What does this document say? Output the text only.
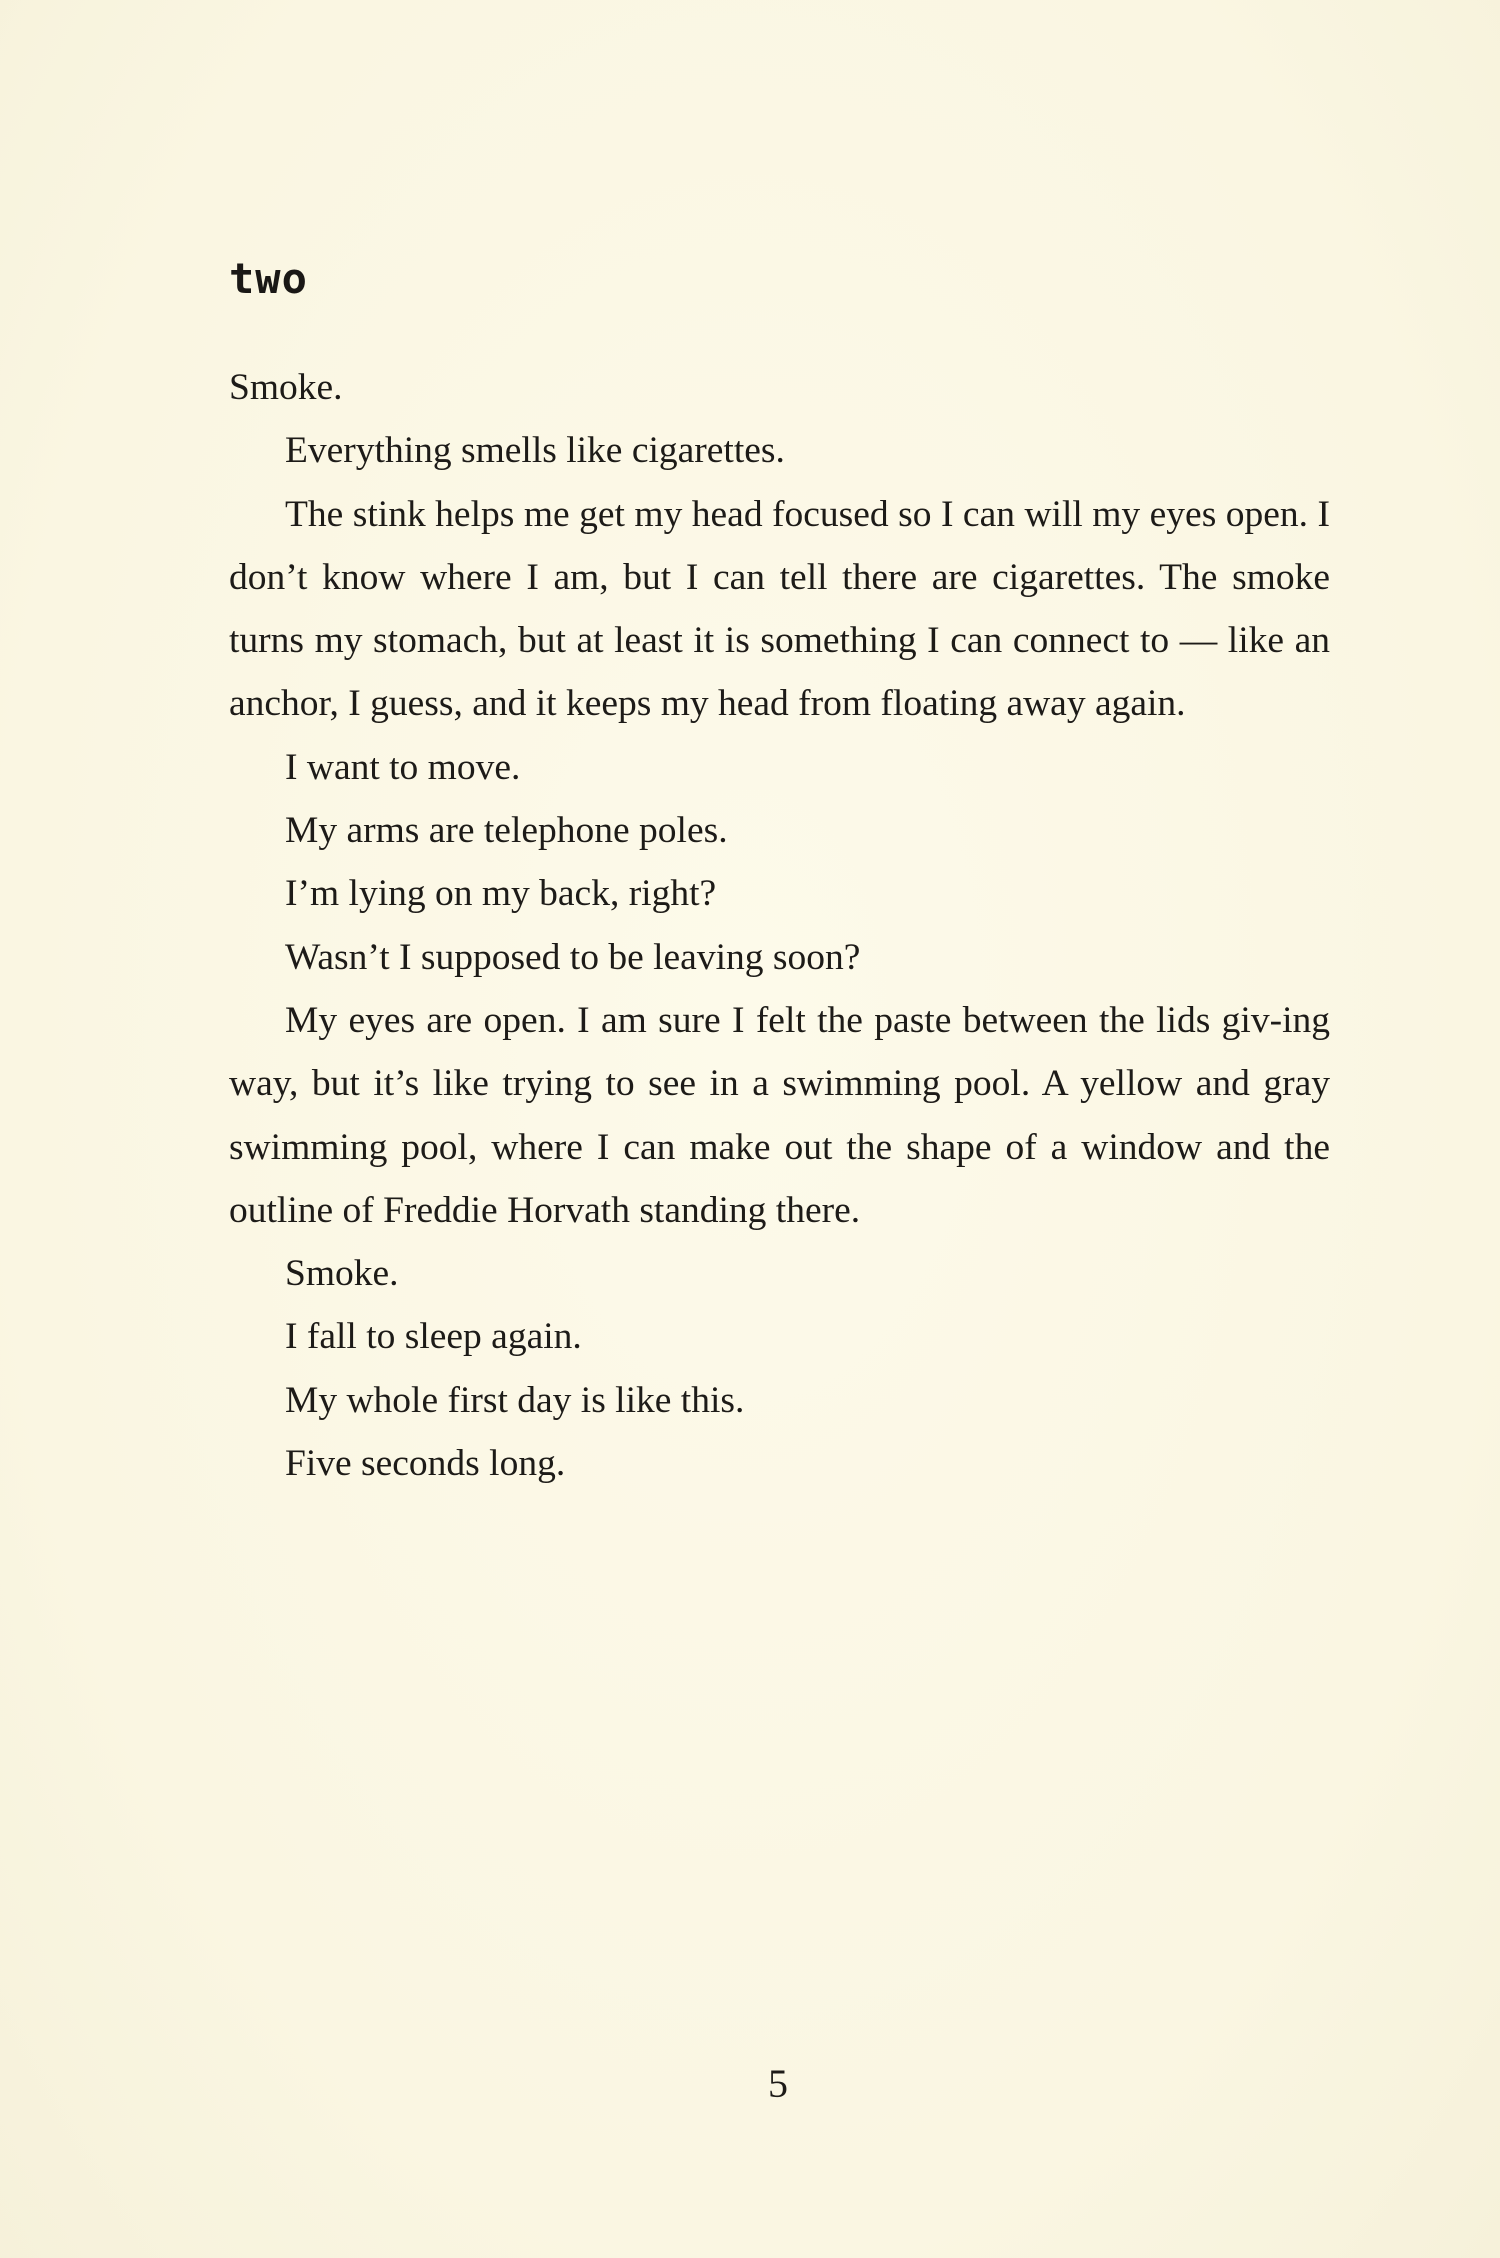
two

Smoke.

Everything smells like cigarettes.

The stink helps me get my head focused so I can will my eyes open. I don’t know where I am, but I can tell there are cigarettes. The smoke turns my stomach, but at least it is something I can connect to — like an anchor, I guess, and it keeps my head from floating away again.

I want to move.

My arms are telephone poles.

I’m lying on my back, right?

Wasn’t I supposed to be leaving soon?

My eyes are open. I am sure I felt the paste between the lids giv-ing way, but it’s like trying to see in a swimming pool. A yellow and gray swimming pool, where I can make out the shape of a window and the outline of Freddie Horvath standing there.

Smoke.

I fall to sleep again.

My whole first day is like this.

Five seconds long.

5
